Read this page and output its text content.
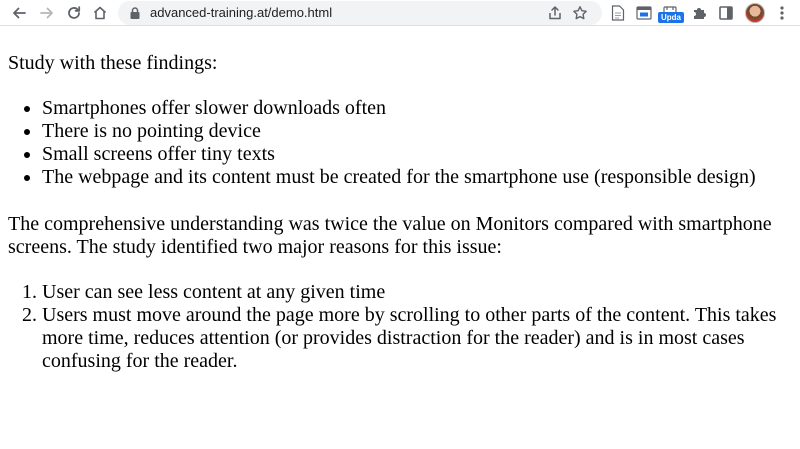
advanced-training.at/demo.html	Upda

Study with these findings:

• Smartphones offer slower downloads often
• There is no pointing device
• Small screens offer tiny texts
• The webpage and its content must be created for the smartphone use (responsible design)

The comprehensive understanding was twice the value on Monitors compared with smartphone screens. The study identified two major reasons for this issue:

1. User can see less content at any given time
2. Users must move around the page more by scrolling to other parts of the content. This takes more time, reduces attention (or provides distraction for the reader) and is in most cases confusing for the reader.
